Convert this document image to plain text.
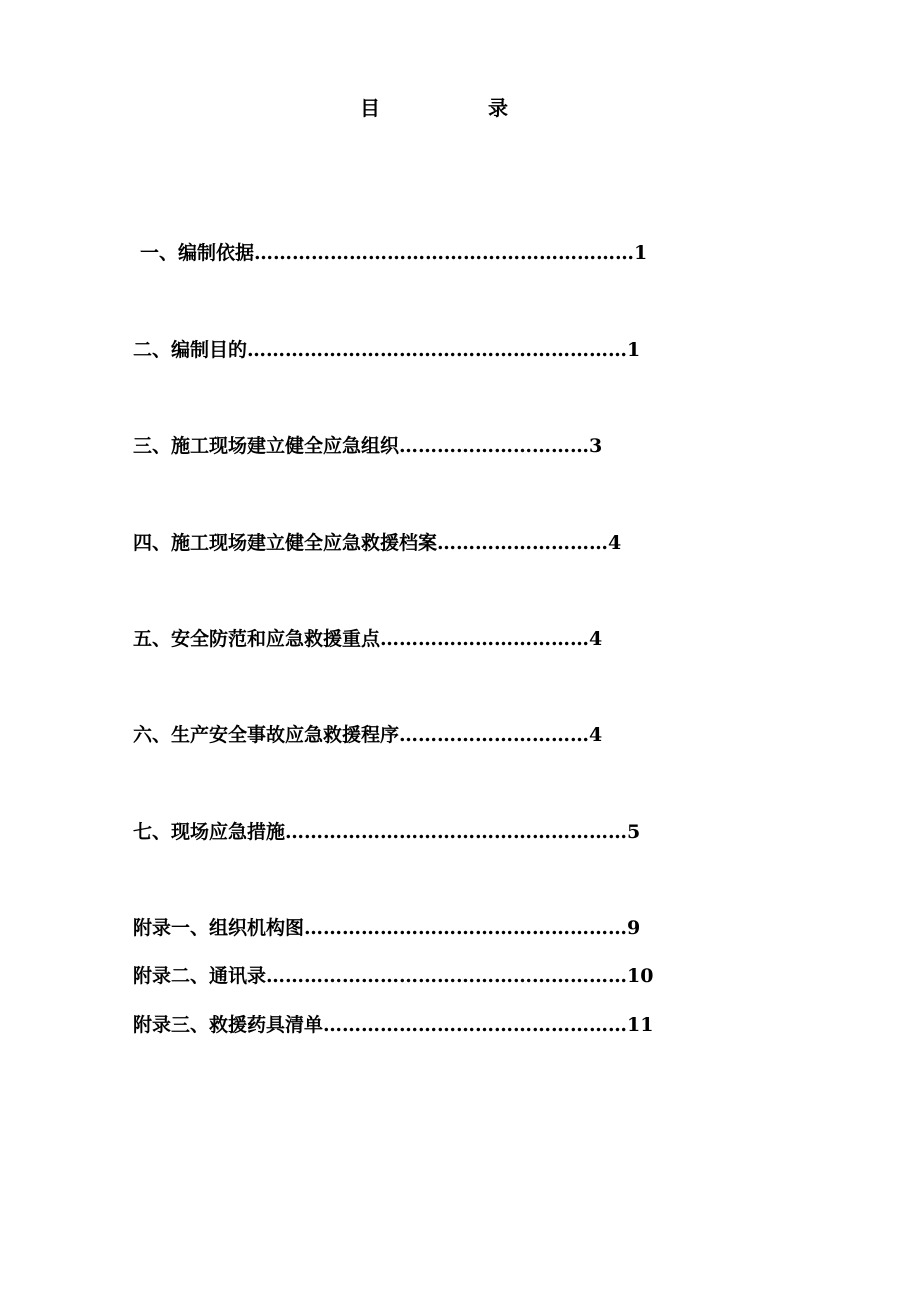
目	录
一、编制依据……………………………………………………1
二、编制目的……………………………………………………1
三、施工现场建立健全应急组织…………………………3
四、施工现场建立健全应急救援档案………………………4
五、安全防范和应急救援重点……………………………4
六、生产安全事故应急救援程序…………………………4
七、现场应急措施………………………………………………5
附录一、组织机构图……………………………………………9
附录二、通讯录…………………………………………………10
附录三、救援药具清单…………………………………………11
